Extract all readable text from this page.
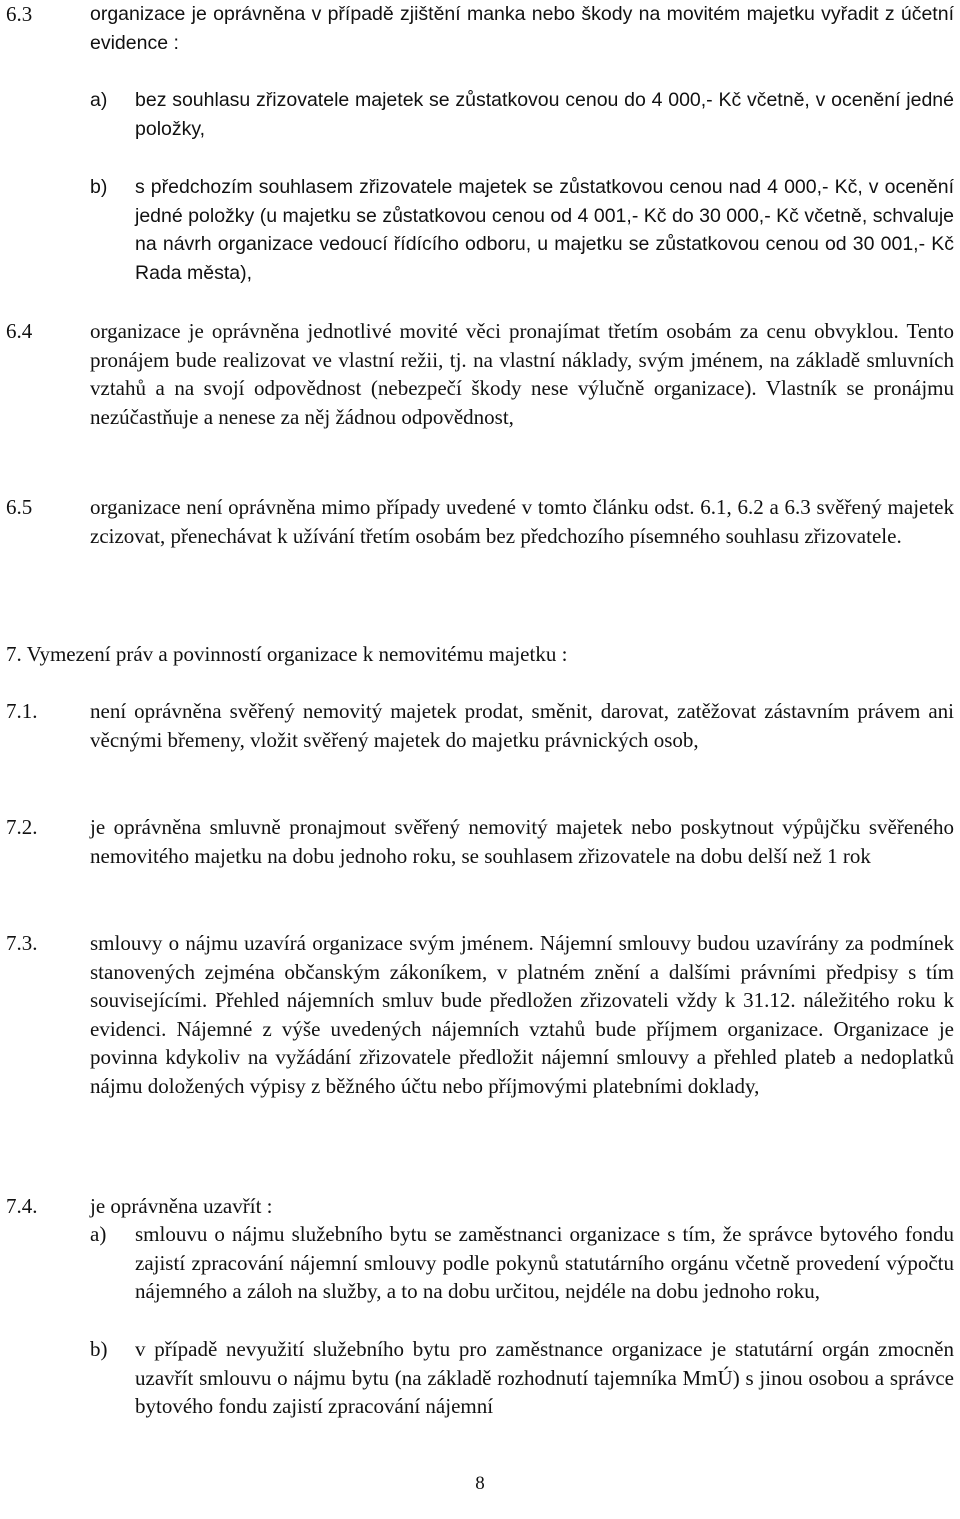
6.3	organizace je oprávněna v případě zjištění manka nebo škody na movitém majetku vyřadit z účetní evidence :
a) bez souhlasu zřizovatele majetek se zůstatkovou cenou do 4 000,- Kč včetně, v ocenění jedné položky,
b) s předchozím souhlasem zřizovatele majetek se zůstatkovou cenou nad 4 000,- Kč, v ocenění jedné položky (u majetku se zůstatkovou cenou od 4 001,- Kč do 30 000,- Kč včetně, schvaluje na návrh organizace vedoucí řídícího odboru, u majetku se zůstatkovou cenou od 30 001,- Kč Rada města),
6.4	organizace je oprávněna jednotlivé movité věci pronajímat třetím osobám za cenu obvyklou. Tento pronájem bude realizovat ve vlastní režii, tj. na vlastní náklady, svým jménem, na základě smluvních vztahů a na svojí odpovědnost (nebezpečí škody nese výlučně organizace). Vlastník se pronájmu nezúčastňuje a nenese za něj žádnou odpovědnost,
6.5	organizace není oprávněna mimo případy uvedené v tomto článku odst. 6.1, 6.2 a 6.3 svěřený majetek zcizovat, přenechávat k užívání třetím osobám bez předchozího písemného souhlasu zřizovatele.
7. Vymezení práv a povinností organizace k nemovitému majetku :
7.1.	není oprávněna svěřený nemovitý majetek prodat, směnit, darovat, zatěžovat zástavním právem ani věcnými břemeny, vložit svěřený majetek do majetku právnických osob,
7.2.	je oprávněna smluvně pronajmout svěřený nemovitý majetek nebo poskytnout výpůjčku svěřeného nemovitého majetku na dobu jednoho roku, se souhlasem zřizovatele na dobu delší než 1 rok
7.3.	smlouvy o nájmu uzavírá organizace svým jménem. Nájemní smlouvy budou uzavírány za podmínek stanovených zejména občanským zákoníkem, v platném znění a dalšími právními předpisy s tím souvisejícími. Přehled nájemních smluv bude předložen zřizovateli vždy k 31.12. náležitého roku k evidenci. Nájemné z výše uvedených nájemních vztahů bude příjmem organizace. Organizace je povinna kdykoliv na vyžádání zřizovatele předložit nájemní smlouvy a přehled plateb a nedoplatků nájmu doložených výpisy z běžného účtu nebo příjmovými platebními doklady,
7.4.	je oprávněna uzavřít :
a) smlouvu o nájmu služebního bytu se zaměstnanci organizace s tím, že správce bytového fondu zajistí zpracování nájemní smlouvy podle pokynů statutárního orgánu včetně provedení výpočtu nájemného a záloh na služby, a to na dobu určitou, nejdéle na dobu jednoho roku,
b) v případě nevyužití služebního bytu pro zaměstnance organizace je statutární orgán zmocněn uzavřít smlouvu o nájmu bytu (na základě rozhodnutí tajemníka MmÚ) s jinou osobou a správce bytového fondu zajistí zpracování nájemní
8
